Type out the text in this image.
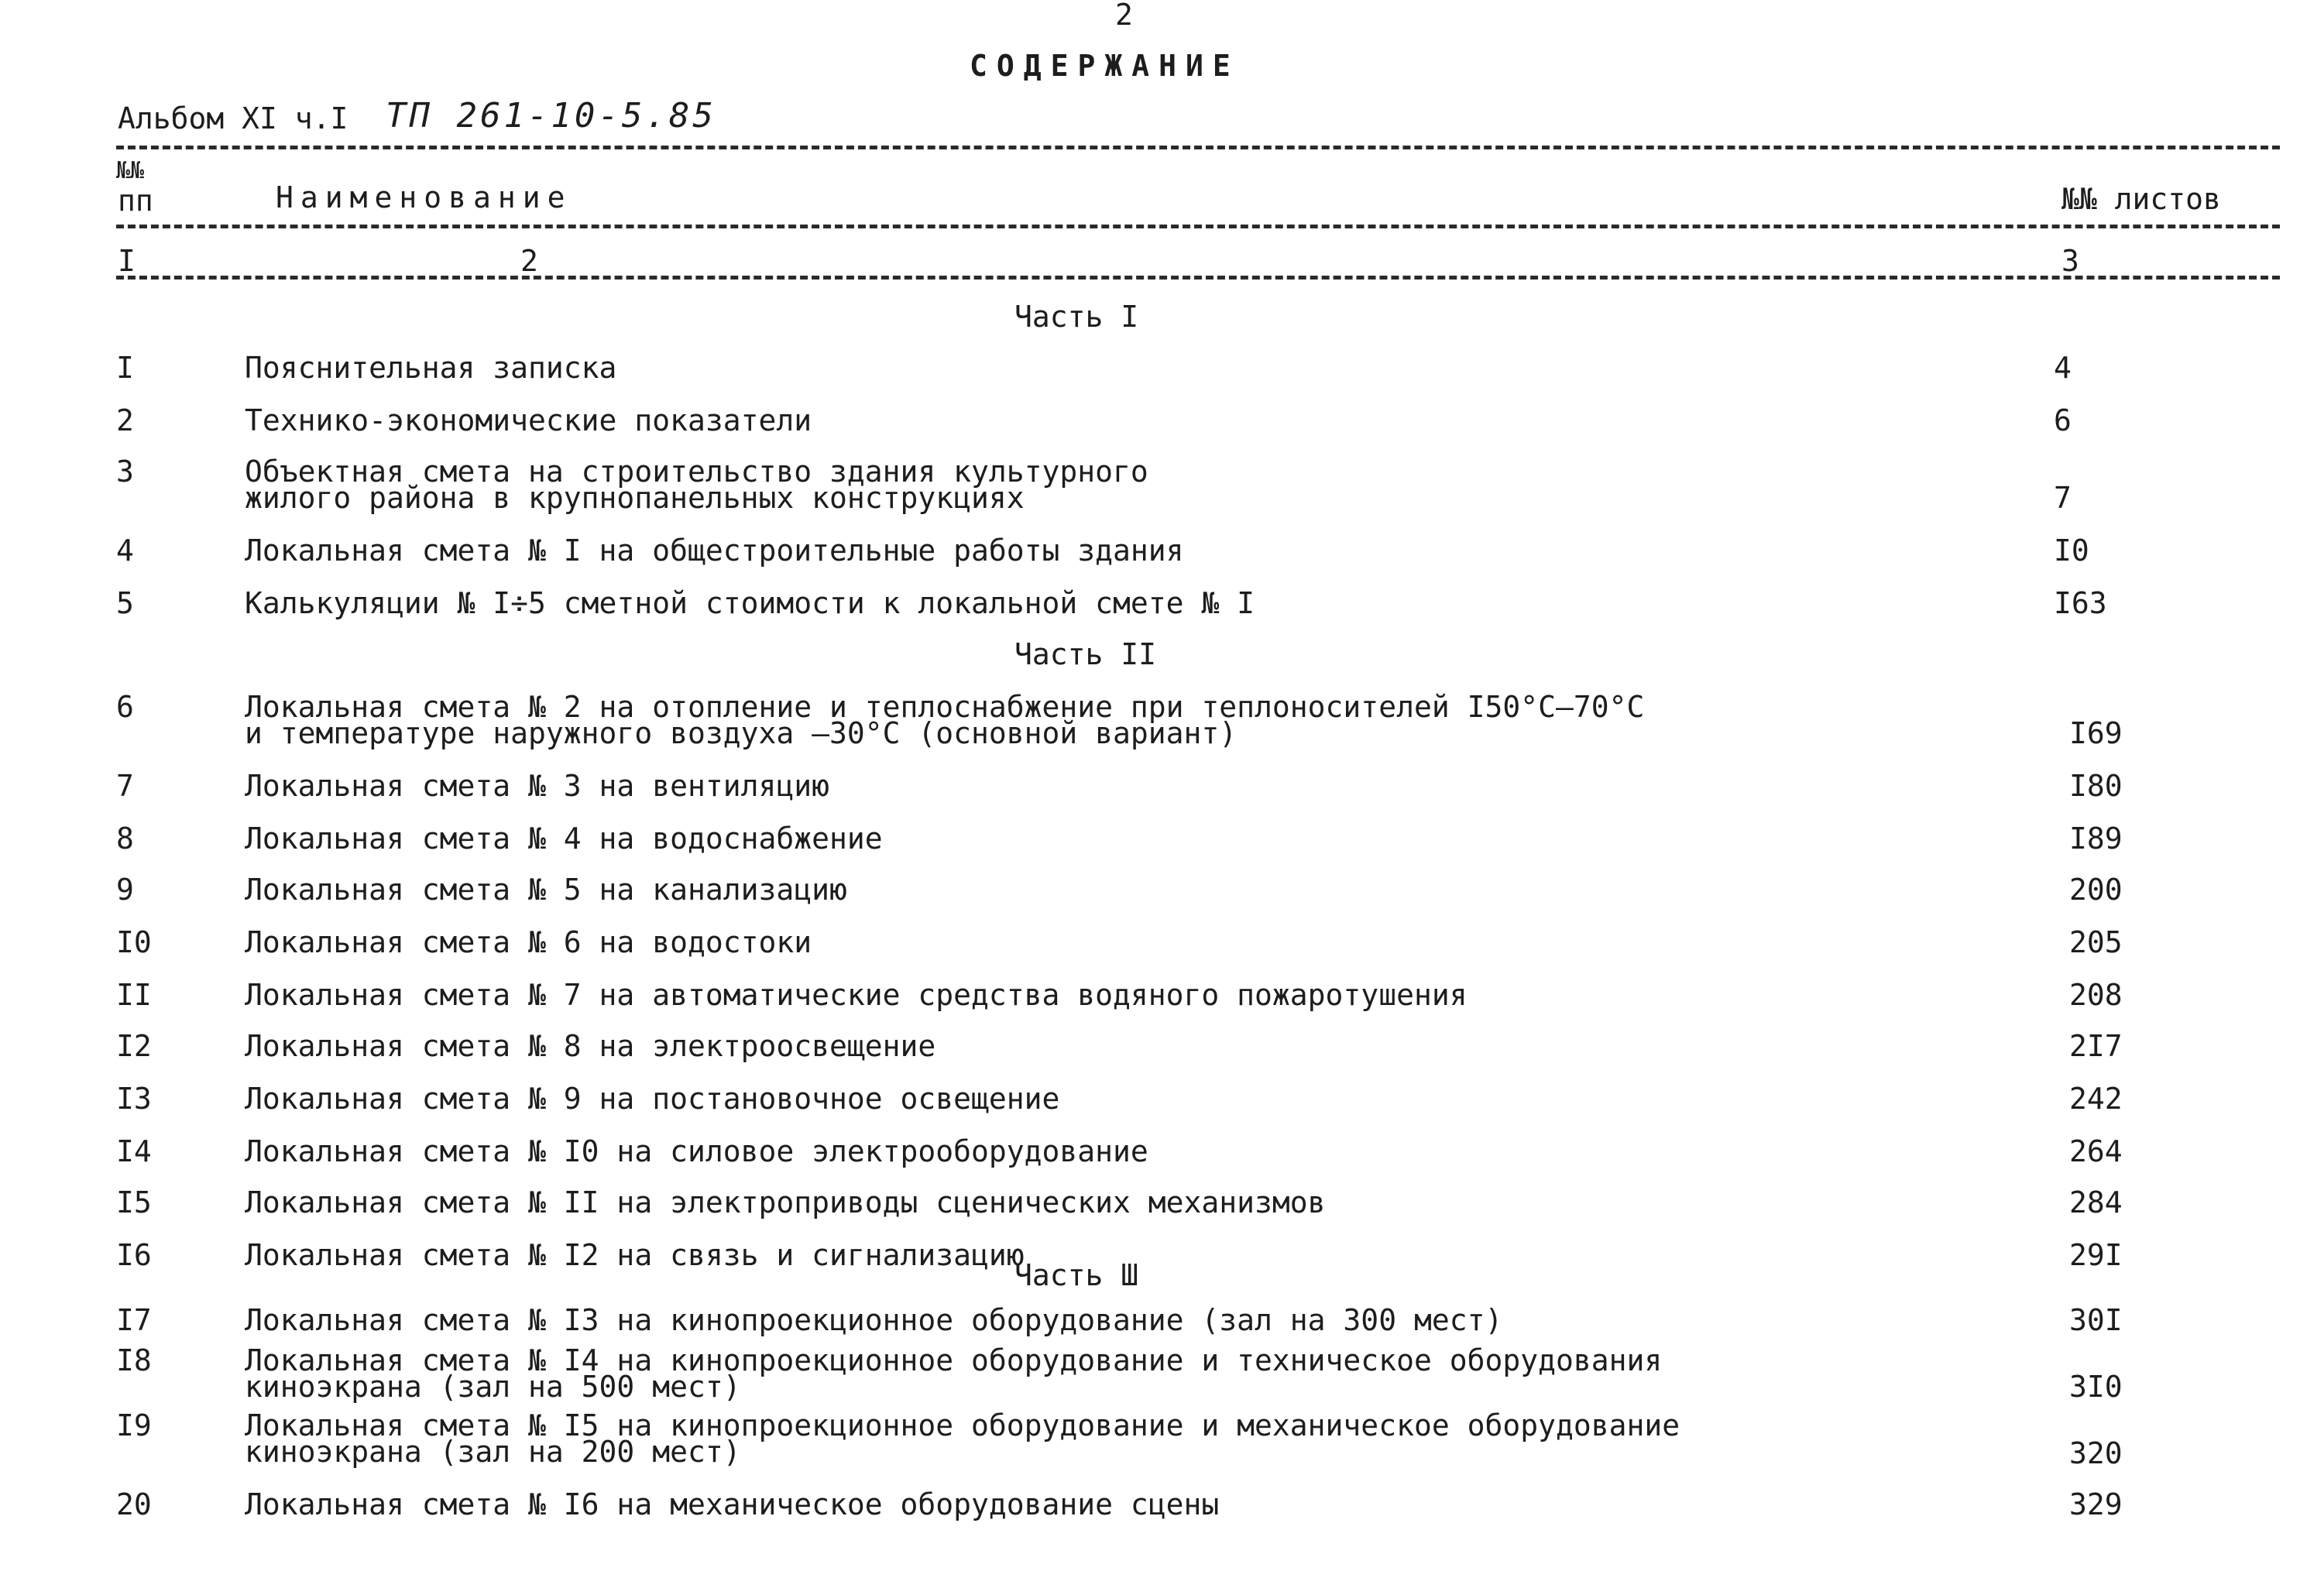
2
СОДЕРЖАНИЕ
Альбом XI ч.I ТП 261-10-5.85
№№
пп	Наименование	№№ листов
I	2	3
Часть I
Часть II
Часть Ш
I	Пояснительная записка	4
2	Технико-экономические показатели	6
3	Объектная смета на строительство здания культурного
жилого района в крупнопанельных конструкциях	7
4	Локальная смета № I на общестроительные работы здания	I0
5	Калькуляции № I÷5 сметной стоимости к локальной смете № I	I63
6	Локальная смета № 2 на отопление и теплоснабжение при теплоносителей I50°C–70°C
и температуре наружного воздуха –30°C (основной вариант)	I69
7	Локальная смета № 3 на вентиляцию	I80
8	Локальная смета № 4 на водоснабжение	I89
9	Локальная смета № 5 на канализацию	200
I0	Локальная смета № 6 на водостоки	205
II	Локальная смета № 7 на автоматические средства водяного пожаротушения	208
I2	Локальная смета № 8 на электроосвещение	2I7
I3	Локальная смета № 9 на постановочное освещение	242
I4	Локальная смета № I0 на силовое электрооборудование	264
I5	Локальная смета № II на электроприводы сценических механизмов	284
I6	Локальная смета № I2 на связь и сигнализацию	29I
I7	Локальная смета № I3 на кинопроекционное оборудование (зал на 300 мест)	30I
I8	Локальная смета № I4 на кинопроекционное оборудование и техническое оборудования
киноэкрана (зал на 500 мест)	3I0
I9	Локальная смета № I5 на кинопроекционное оборудование и механическое оборудование
киноэкрана (зал на 200 мест)	320
20	Локальная смета № I6 на механическое оборудование сцены	329
